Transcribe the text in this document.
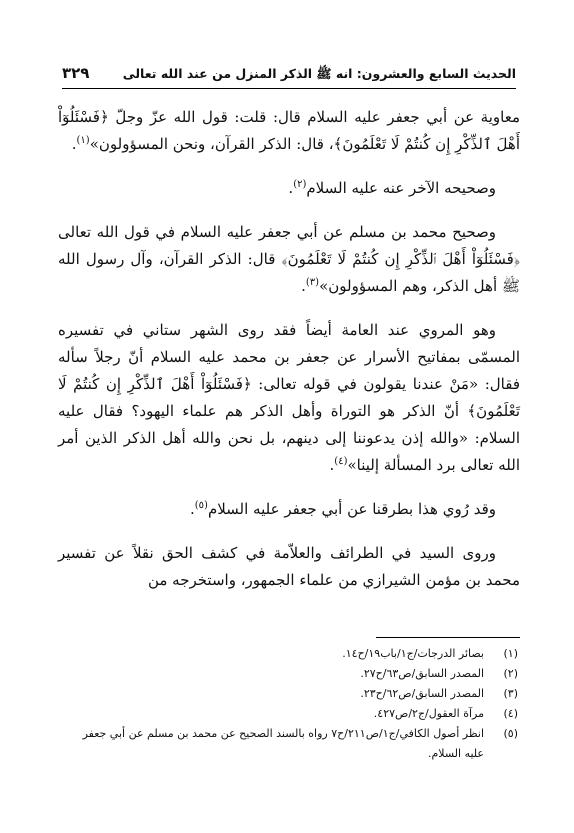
الحديث السابع والعشرون: انه ﷺ الذكر المنزل من عند الله تعالى
٣٢٩

معاوية عن أبي جعفر عليه السلام قال: قلت: قول الله عزّ وجلّ ﴿فَسْئَلُوٓاْ أَهْلَ ٱلذِّكْرِ إِن كُنتُمْ لَا تَعْلَمُونَ﴾، قال: الذكر القرآن، ونحن المسؤولون»$^{(١)}$.

وصحيحه الآخر عنه عليه السلام$^{(٢)}$.

وصحيح محمد بن مسلم عن أبي جعفر عليه السلام في قول الله تعالى ﴿فَسْئَلُوٓاْ أَهْلَ ٱلذِّكْرِ إِن كُنتُمْ لَا تَعْلَمُونَ﴾ قال: الذكر القرآن، وآل رسول الله ﷺ أهل الذكر، وهم المسؤولون»$^{(٣)}$.

وهو المروي عند العامة أيضاً فقد روى الشهر ستاني في تفسيره المسمّى بمفاتيح الأسرار عن جعفر بن محمد عليه السلام أنّ رجلاً سأله فقال: «مَنْ عندنا يقولون في قوله تعالى: ﴿فَسْئَلُوٓاْ أَهْلَ ٱلذِّكْرِ إِن كُنتُمْ لَا تَعْلَمُونَ﴾ أنّ الذكر هو التوراة وأهل الذكر هم علماء اليهود؟ فقال عليه السلام: «والله إذن يدعوننا إلى دينهم، بل نحن والله أهل الذكر الذين أمر الله تعالى برد المسألة إلينا»$^{(٤)}$.

وقد رُوي هذا بطرقنا عن أبي جعفر عليه السلام$^{(٥)}$.

وروى السيد في الطرائف والعلاّمة في كشف الحق نقلاً عن تفسير محمد بن مؤمن الشيرازي من علماء الجمهور، واستخرجه من

(١)
بصائر الدرجات/ج١/باب١٩/ح١٤.

(٢)
المصدر السابق/ص٦٣/ح٢٧.

(٣)
المصدر السابق/ص٦٢/ح٢٣.

(٤)
مرآة العقول/ج٢/ص٤٢٧.

(٥)
انظر أصول الكافي/ج١/ص٢١١/ح٧ رواه بالسند الصحيح عن محمد بن مسلم عن أبي جعفر عليه السلام.
